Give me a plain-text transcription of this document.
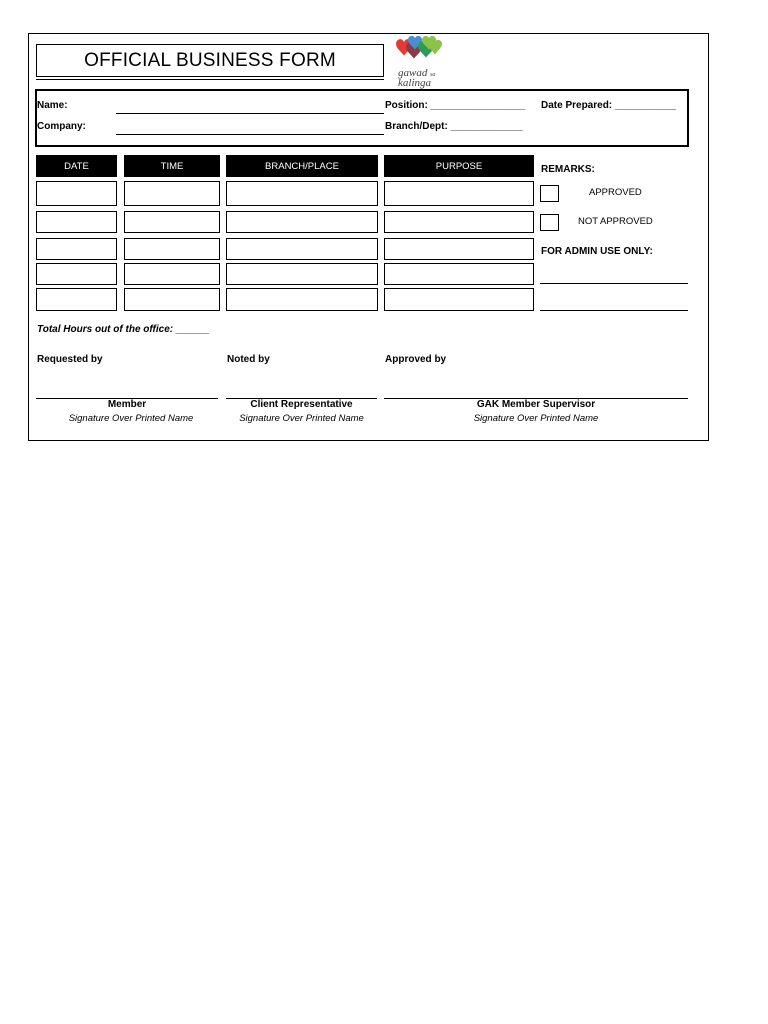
OFFICIAL BUSINESS FORM
gawad sa
kalinga
Name:
Company:
Position: _________________
Branch/Dept: _____________
Date Prepared: ___________
DATE	TIME	BRANCH/PLACE	PURPOSE	REMARKS:
APPROVED
NOT APPROVED
FOR ADMIN USE ONLY:
Total Hours out of the office: ______
Requested by	Noted by	Approved by
Member	Client Representative	GAK Member Supervisor
Signature Over Printed Name	Signature Over Printed Name	Signature Over Printed Name
